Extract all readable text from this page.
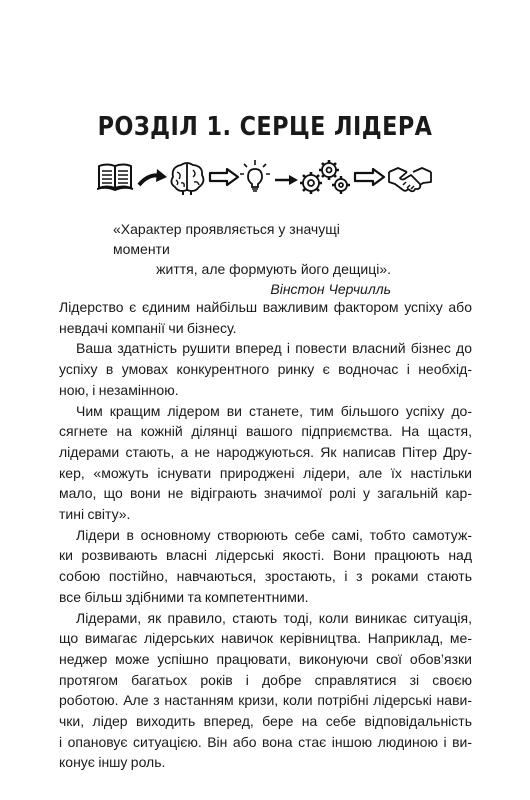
РОЗДІЛ 1. СЕРЦЕ ЛІДЕРА
«Характер проявляється у значущі моменти
життя, але формують його дещиці».
Вінстон Черчилль
Лідерство є єдиним найбільш важливим фактором успіху або
невдачі компанії чи бізнесу.
Ваша здатність рушити вперед і повести власний бізнес до
успіху в умовах конкурентного ринку є водночас і необхід-
ною, і незамінною.
Чим кращим лідером ви станете, тим більшого успіху до-
сягнете на кожній ділянці вашого підприємства. На щастя,
лідерами стають, а не народжуються. Як написав Пітер Дру-
кер, «можуть існувати природжені лідери, але їх настільки
мало, що вони не відіграють значимої ролі у загальній кар-
тині світу».
Лідери в основному створюють себе самі, тобто самотуж-
ки розвивають власні лідерські якості. Вони працюють над
собою постійно, навчаються, зростають, і з роками стають
все більш здібними та компетентними.
Лідерами, як правило, стають тоді, коли виникає ситуація,
що вимагає лідерських навичок керівництва. Наприклад, ме-
неджер може успішно працювати, виконуючи свої обов’язки
протягом багатьох років і добре справлятися зі своєю
роботою. Але з настанням кризи, коли потрібні лідерські нави-
чки, лідер виходить вперед, бере на себе відповідальність
і опановує ситуацією. Він або вона стає іншою людиною і ви-
конує іншу роль.
